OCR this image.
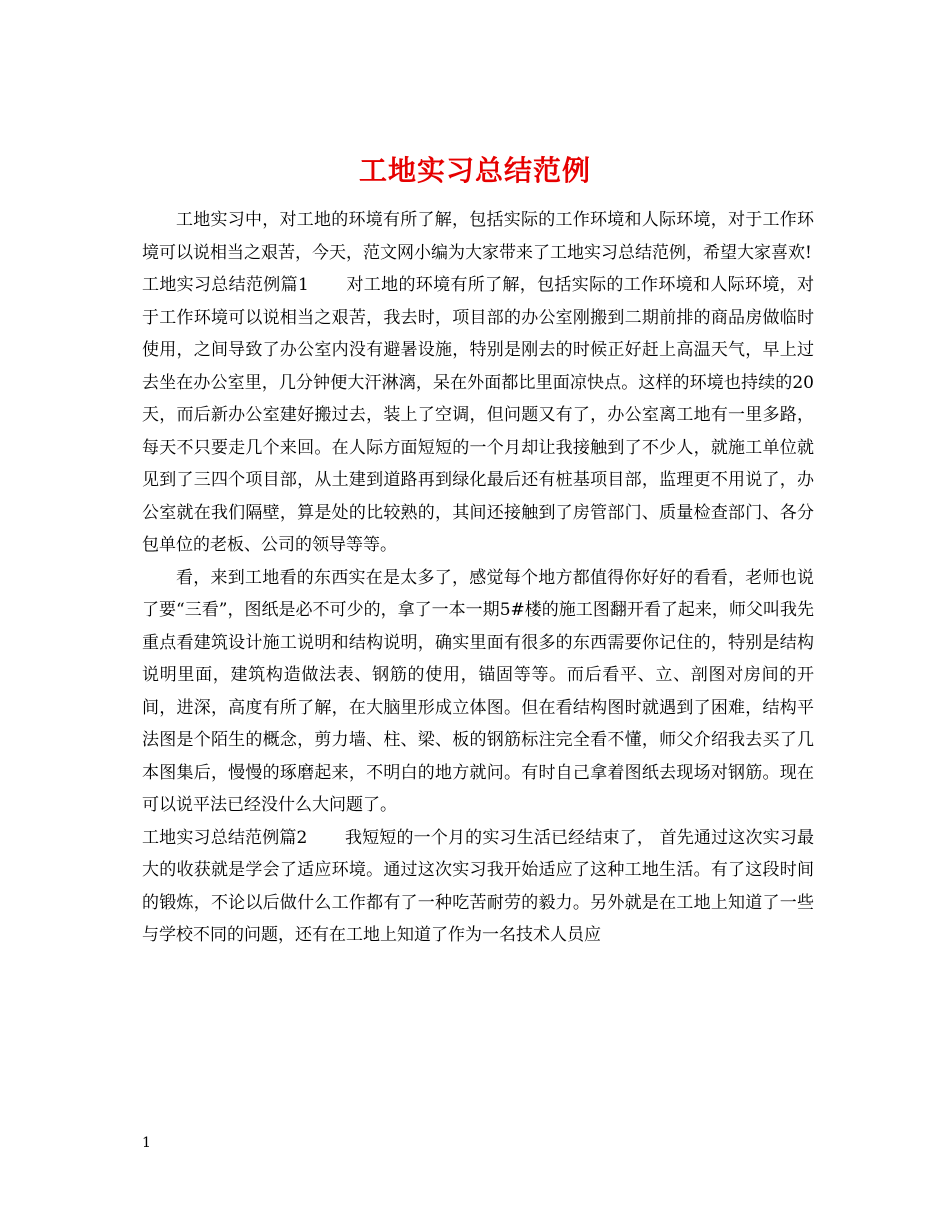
工地实习总结范例

工地实习中，对工地的环境有所了解，包括实际的工作环境和人际环境，对于工作环境可以说相当之艰苦，今天，范文网小编为大家带来了工地实习总结范例，希望大家喜欢!

工地实习总结范例篇1 对工地的环境有所了解，包括实际的工作环境和人际环境，对于工作环境可以说相当之艰苦，我去时，项目部的办公室刚搬到二期前排的商品房做临时使用，之间导致了办公室内没有避暑设施，特别是刚去的时候正好赶上高温天气，早上过去坐在办公室里，几分钟便大汗淋漓，呆在外面都比里面凉快点。这样的环境也持续的20天，而后新办公室建好搬过去，装上了空调，但问题又有了，办公室离工地有一里多路，每天不只要走几个来回。在人际方面短短的一个月却让我接触到了不少人，就施工单位就见到了三四个项目部，从土建到道路再到绿化最后还有桩基项目部，监理更不用说了，办公室就在我们隔壁，算是处的比较熟的，其间还接触到了房管部门、质量检查部门、各分包单位的老板、公司的领导等等。

看，来到工地看的东西实在是太多了，感觉每个地方都值得你好好的看看，老师也说了要“三看”，图纸是必不可少的，拿了一本一期5#楼的施工图翻开看了起来，师父叫我先重点看建筑设计施工说明和结构说明，确实里面有很多的东西需要你记住的，特别是结构说明里面，建筑构造做法表、钢筋的使用，锚固等等。而后看平、立、剖图对房间的开间，进深，高度有所了解，在大脑里形成立体图。但在看结构图时就遇到了困难，结构平法图是个陌生的概念，剪力墙、柱、梁、板的钢筋标注完全看不懂，师父介绍我去买了几本图集后，慢慢的琢磨起来，不明白的地方就问。有时自己拿着图纸去现场对钢筋。现在可以说平法已经没什么大问题了。

工地实习总结范例篇2 我短短的一个月的实习生活已经结束了， 首先通过这次实习最大的收获就是学会了适应环境。通过这次实习我开始适应了这种工地生活。有了这段时间的锻炼，不论以后做什么工作都有了一种吃苦耐劳的毅力。另外就是在工地上知道了一些与学校不同的问题，还有在工地上知道了作为一名技术人员应

1
